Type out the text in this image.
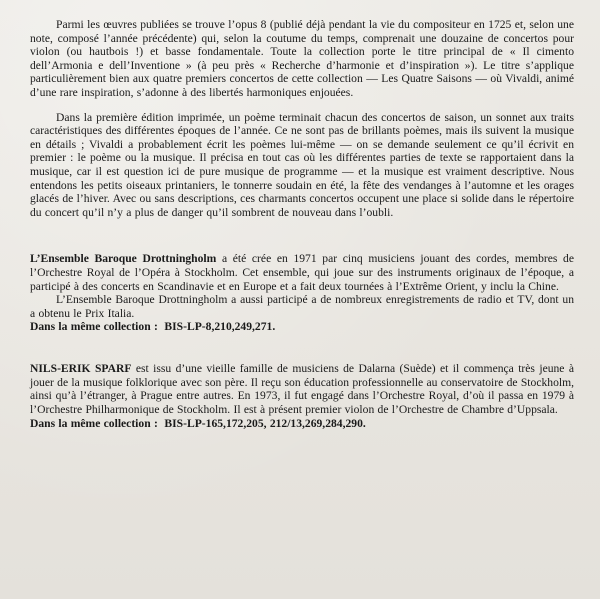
Parmi les œuvres publiées se trouve l’opus 8 (publié déjà pendant la vie du compositeur en 1725 et, selon une note, composé l’année précédente) qui, selon la coutume du temps, comprenait une douzaine de concertos pour violon (ou hautbois !) et basse fondamentale. Toute la collection porte le titre principal de « Il cimento dell’Armonia e dell’Inventione » (à peu près « Recherche d’harmonie et d’inspiration »). Le titre s’applique particulièrement bien aux quatre premiers concertos de cette collection — Les Quatre Saisons — où Vivaldi, animé d’une rare inspiration, s’adonne à des libertés harmoniques enjouées.

Dans la première édition imprimée, un poème terminait chacun des concertos de saison, un sonnet aux traits caractéristiques des différentes époques de l’année. Ce ne sont pas de brillants poèmes, mais ils suivent la musique en détails ; Vivaldi a probablement écrit les poèmes lui-même — on se demande seulement ce qu’il écrivit en premier : le poème ou la musique. Il précisa en tout cas où les différentes parties de texte se rapportaient dans la musique, car il est question ici de pure musique de programme — et la musique est vraiment descriptive. Nous entendons les petits oiseaux printaniers, le tonnerre soudain en été, la fête des vendanges à l’automne et les orages glacés de l’hiver. Avec ou sans descriptions, ces charmants concertos occupent une place si solide dans le répertoire du concert qu’il n’y a plus de danger qu’il sombrent de nouveau dans l’oubli.

L’Ensemble Baroque Drottningholm a été crée en 1971 par cinq musiciens jouant des cordes, membres de l’Orchestre Royal de l’Opéra à Stockholm. Cet ensemble, qui joue sur des instruments originaux de l’époque, a participé à des concerts en Scandinavie et en Europe et a fait deux tournées à l’Extrême Orient, y inclu la Chine.

L’Ensemble Baroque Drottningholm a aussi participé a de nombreux enregistrements de radio et TV, dont un a obtenu le Prix Italia.

Dans la même collection : BIS-LP-8,210,249,271.

NILS-ERIK SPARF est issu d’une vieille famille de musiciens de Dalarna (Suède) et il commença très jeune à jouer de la musique folklorique avec son père. Il reçu son éducation professionnelle au conservatoire de Stockholm, ainsi qu’à l’étranger, à Prague entre autres. En 1973, il fut engagé dans l’Orchestre Royal, d’où il passa en 1979 à l’Orchestre Philharmonique de Stockholm. Il est à présent premier violon de l’Orchestre de Chambre d’Uppsala.

Dans la même collection : BIS-LP-165,172,205, 212/13,269,284,290.
